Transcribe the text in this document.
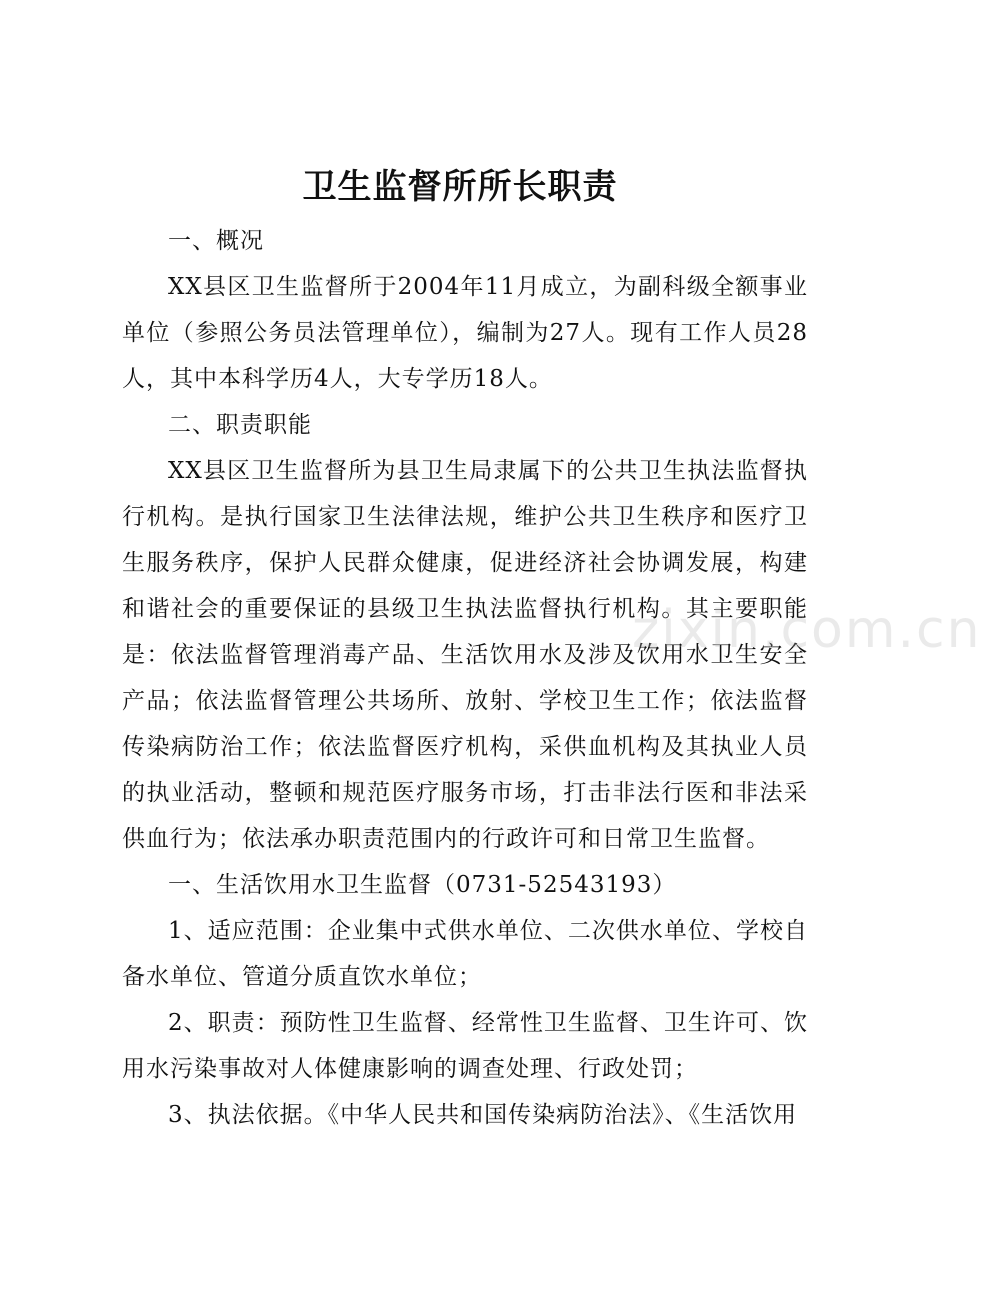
卫生监督所所长职责

一、概况

XX县区卫生监督所于2004年11月成立，为副科级全额事业单位（参照公务员法管理单位），编制为27人。现有工作人员28人，其中本科学历4人，大专学历18人。

二、职责职能

XX县区卫生监督所为县卫生局隶属下的公共卫生执法监督执行机构。是执行国家卫生法律法规，维护公共卫生秩序和医疗卫生服务秩序，保护人民群众健康，促进经济社会协调发展，构建和谐社会的重要保证的县级卫生执法监督执行机构。其主要职能是：依法监督管理消毒产品、生活饮用水及涉及饮用水卫生安全产品；依法监督管理公共场所、放射、学校卫生工作；依法监督传染病防治工作；依法监督医疗机构，采供血机构及其执业人员的执业活动，整顿和规范医疗服务市场，打击非法行医和非法采供血行为；依法承办职责范围内的行政许可和日常卫生监督。

一、生活饮用水卫生监督（0731-52543193）

1、适应范围：企业集中式供水单位、二次供水单位、学校自备水单位、管道分质直饮水单位；

2、职责：预防性卫生监督、经常性卫生监督、卫生许可、饮用水污染事故对人体健康影响的调查处理、行政处罚；

3、执法依据。《中华人民共和国传染病防治法》、《生活饮用

zixin.com.cn
